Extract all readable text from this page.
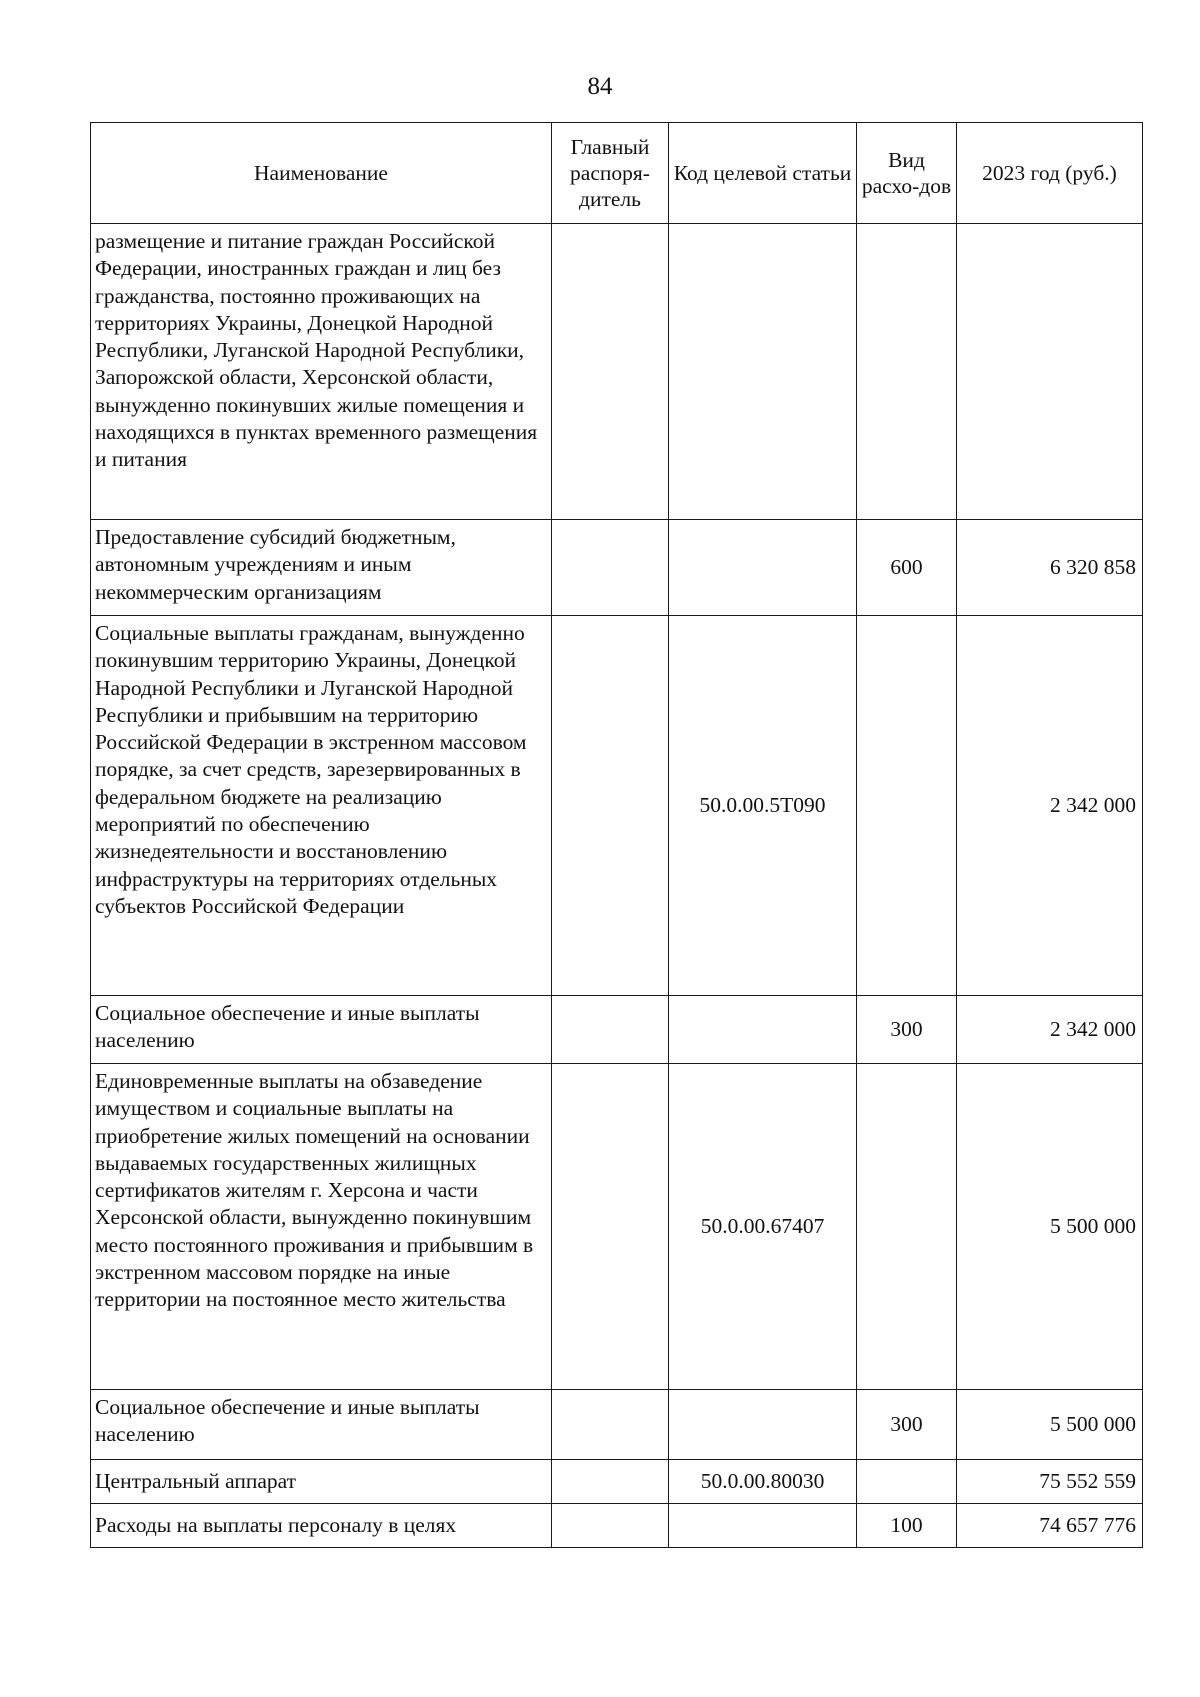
84
Наименование	Главный распоря-дитель	Код целевой статьи	Вид расхо-дов	2023 год (руб.)
размещение и питание граждан Российской Федерации, иностранных граждан и лиц без гражданства, постоянно проживающих на территориях Украины, Донецкой Народной Республики, Луганской Народной Республики, Запорожской области, Херсонской области, вынужденно покинувших жилые помещения и находящихся в пунктах временного размещения и питания				
Предоставление субсидий бюджетным, автономным учреждениям и иным некоммерческим организациям			600	6 320 858
Социальные выплаты гражданам, вынужденно покинувшим территорию Украины, Донецкой Народной Республики и Луганской Народной Республики и прибывшим на территорию Российской Федерации в экстренном массовом порядке, за счет средств, зарезервированных в федеральном бюджете на реализацию мероприятий по обеспечению жизнедеятельности и восстановлению инфраструктуры на территориях отдельных субъектов Российской Федерации		50.0.00.5Т090		2 342 000
Социальное обеспечение и иные выплаты населению			300	2 342 000
Единовременные выплаты на обзаведение имуществом и социальные выплаты на приобретение жилых помещений на основании выдаваемых государственных жилищных сертификатов жителям г. Херсона и части Херсонской области, вынужденно покинувшим место постоянного проживания и прибывшим в экстренном массовом порядке на иные территории на постоянное место жительства		50.0.00.67407		5 500 000
Социальное обеспечение и иные выплаты населению			300	5 500 000
Центральный аппарат		50.0.00.80030		75 552 559
Расходы на выплаты персоналу в целях			100	74 657 776
